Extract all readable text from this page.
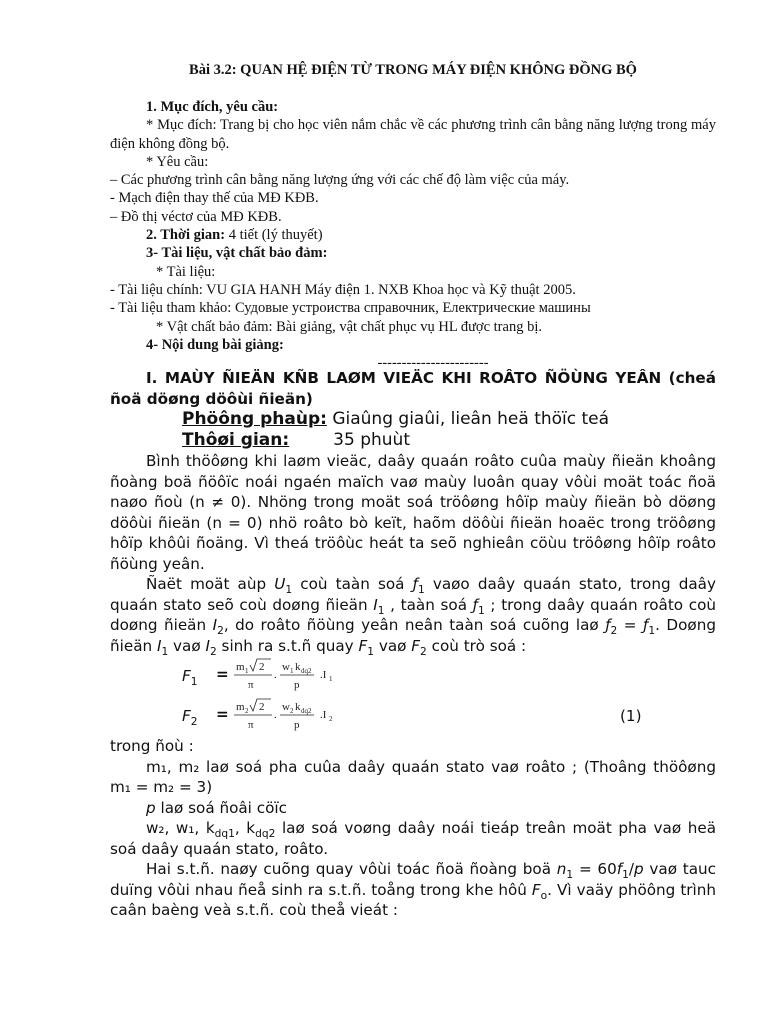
Bài 3.2: QUAN HỆ ĐIỆN TỪ TRONG MÁY ĐIỆN KHÔNG ĐỒNG BỘ

1. Mục đích, yêu cầu:

* Mục đích: Trang bị cho học viên nắm chắc về các phương trình cân bằng năng lượng trong máy điện không đồng bộ.

* Yêu cầu:

– Các phương trình cân bằng năng lượng ứng với các chế độ làm việc của máy.

- Mạch điện thay thế của MĐ KĐB.

– Đồ thị véctơ của MĐ KĐB.

2. Thời gian: 4 tiết (lý thuyết)

3- Tài liệu, vật chất bảo đảm:

* Tài liệu:

- Tài liệu chính: VU GIA HANH Máy điện 1. NXB Khoa học và Kỹ thuật 2005.

- Tài liệu tham khảo: Судовые устроиства справочник, Електрические машины

* Vật chất bảo đảm: Bài giảng, vật chất phục vụ HL được trang bị.

4- Nội dung bài giảng:

-----------------------

I. MAÙY ÑIEÄN KÑB LAØM VIEÄC KHI ROÂTO ÑÖÙNG YEÂN (cheá ñoä döøng döôùi ñieän)

Phöông phaùp: Giaûng giaûi, lieân heä thöïc teá

Thôøi gian:	35 phuùt

Bình thöôøng khi laøm vieäc, daây quaán roâto cuûa maùy ñieän khoâng ñoàng boä ñöôïc noái ngaén maïch vaø maùy luoân quay vôùi moät toác ñoä naøo ñoù (n ≠ 0). Nhöng trong moät soá tröôøng hôïp maùy ñieän bò döøng döôùi ñieän (n = 0) nhö roâto bò keït, haõm döôùi ñieän hoaëc trong tröôøng hôïp khôûi ñoäng. Vì theá tröôùc heát ta seõ nghieân cöùu tröôøng hôïp roâto ñöùng yeân.

Ñaët moät aùp $U_1$ coù taàn soá $ƒ_1$ vaøo daây quaán stato, trong daây quaán stato seõ coù doøng ñieän $I_1$ , taàn soá $ƒ_1$ ; trong daây quaán roâto coù doøng ñieän $I_2$, do roâto ñöùng yeân neân taàn soá cuõng laø $ƒ_2$ = $ƒ_1$. Doøng ñieän $I_1$ vaø $I_2$ sinh ra s.t.ñ quay $F_1$ vaø $F_2$ coù trò soá :

$F_1 = m$ 1 2
π
.
w 1 k dq2
p
.I 1
$F_2 = m$ 2 2
π
.
w 2 k dq2
p
.I 2	(1)

trong ñoù :

m₁, m₂ laø soá pha cuûa daây quaán stato vaø roâto ; (Thoâng thöôøng m₁ = m₂ = 3)

p laø soá ñoâi cöïc

w₂, w₁, $k_{dq1}$, $k_{dq2}$ laø soá voøng daây noái tieáp treân moät pha vaø heä soá daây quaán stato, roâto.

Hai s.t.ñ. naøy cuõng quay vôùi toác ñoä ñoàng boä $n_1 = 60f_1/p$ vaø tauc duïng vôùi nhau ñeå sinh ra s.t.ñ. toång trong khe hôû $F_o$. Vì vaäy phöông trình caân baèng veà s.t.ñ. coù theå vieát :
